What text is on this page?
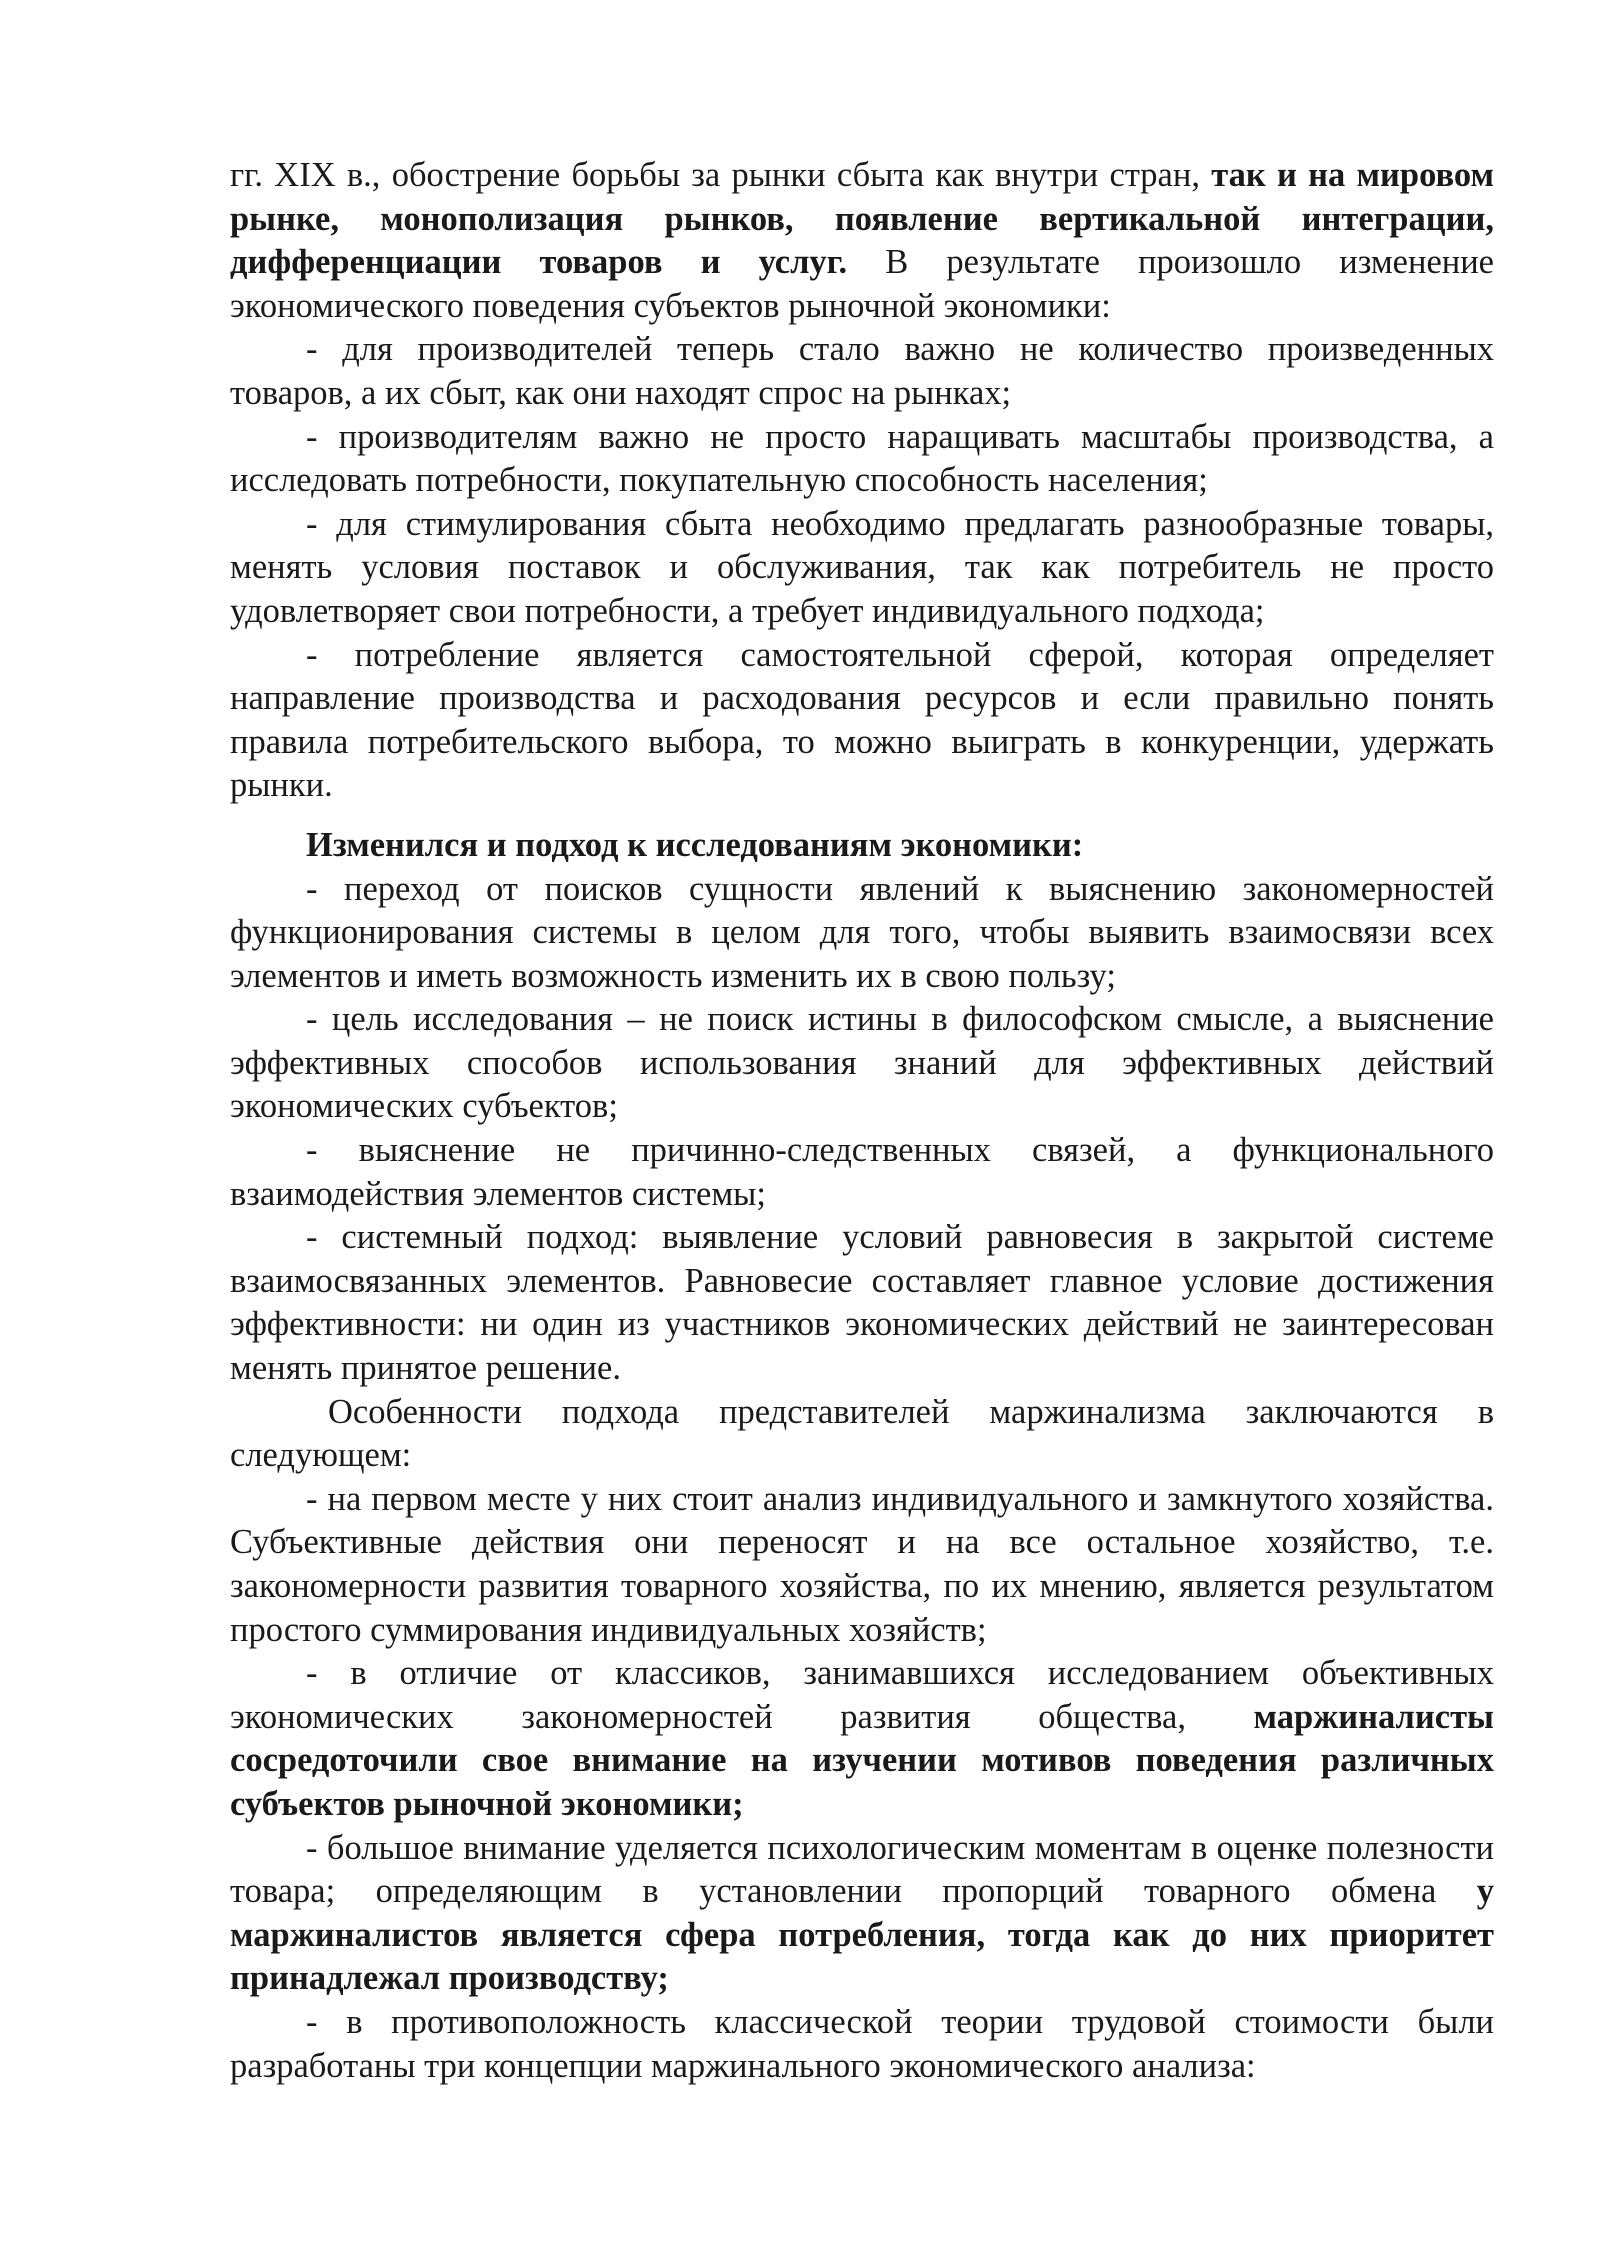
гг. XIX в., обострение борьбы за рынки сбыта как внутри стран, так и на мировом рынке, монополизация рынков, появление вертикальной интеграции, дифференциации товаров и услуг. В результате произошло изменение экономического поведения субъектов рыночной экономики:

- для производителей теперь стало важно не количество произведенных товаров, а их сбыт, как они находят спрос на рынках;

- производителям важно не просто наращивать масштабы производства, а исследовать потребности, покупательную способность населения;

- для стимулирования сбыта необходимо предлагать разнообразные товары, менять условия поставок и обслуживания, так как потребитель не просто удовлетворяет свои потребности, а требует индивидуального подхода;

- потребление является самостоятельной сферой, которая определяет направление производства и расходования ресурсов и если правильно понять правила потребительского выбора, то можно выиграть в конкуренции, удержать рынки.

Изменился и подход к исследованиям экономики:

- переход от поисков сущности явлений к выяснению закономерностей функционирования системы в целом для того, чтобы выявить взаимосвязи всех элементов и иметь возможность изменить их в свою пользу;

- цель исследования – не поиск истины в философском смысле, а выяснение эффективных способов использования знаний для эффективных действий экономических субъектов;

- выяснение не причинно-следственных связей, а функционального взаимодействия элементов системы;

- системный подход: выявление условий равновесия в закрытой системе взаимосвязанных элементов. Равновесие составляет главное условие достижения эффективности: ни один из участников экономических действий не заинтересован менять принятое решение.

Особенности подхода представителей маржинализма заключаются в следующем:

- на первом месте у них стоит анализ индивидуального и замкнутого хозяйства. Субъективные действия они переносят и на все остальное хозяйство, т.е. закономерности развития товарного хозяйства, по их мнению, является результатом простого суммирования индивидуальных хозяйств;

- в отличие от классиков, занимавшихся исследованием объективных экономических закономерностей развития общества, маржиналисты сосредоточили свое внимание на изучении мотивов поведения различных субъектов рыночной экономики;

- большое внимание уделяется психологическим моментам в оценке полезности товара; определяющим в установлении пропорций товарного обмена у маржиналистов является сфера потребления, тогда как до них приоритет принадлежал производству;

- в противоположность классической теории трудовой стоимости были разработаны три концепции маржинального экономического анализа:
